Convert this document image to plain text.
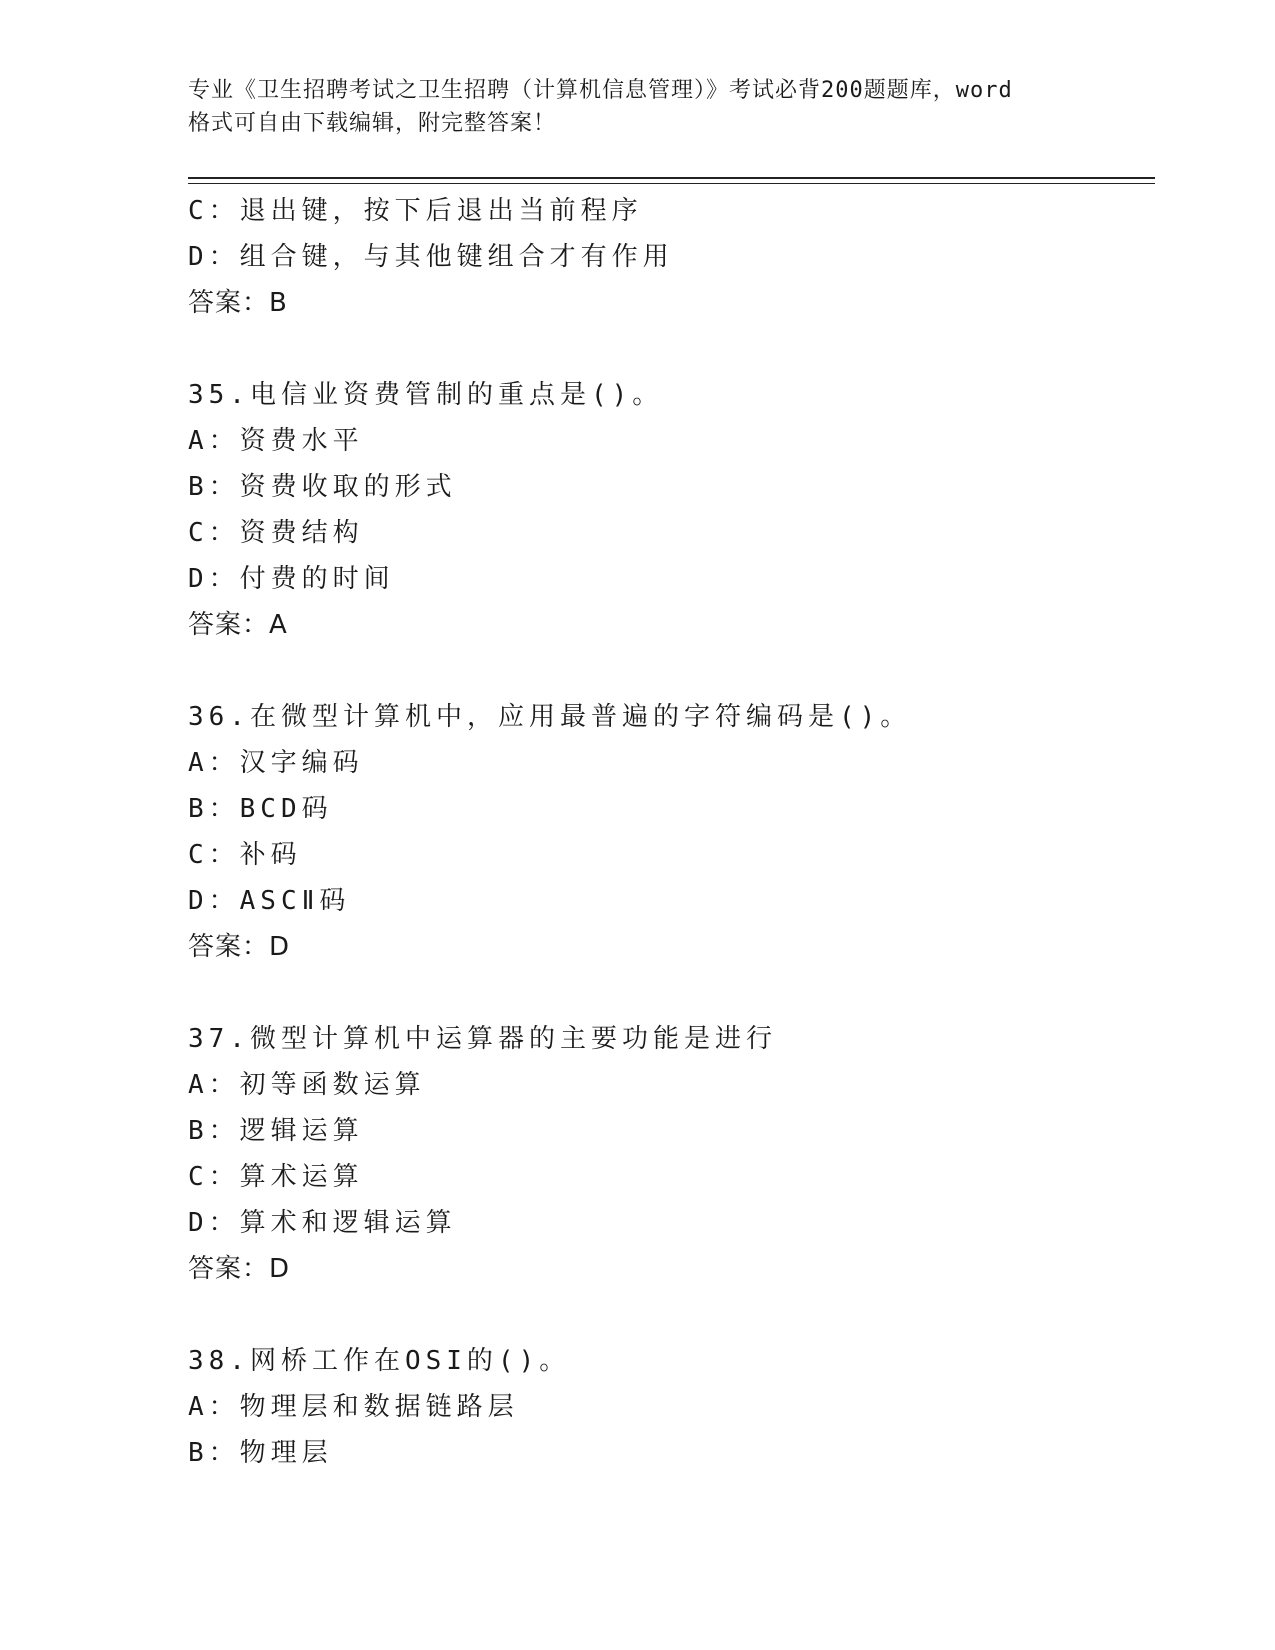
专业《卫生招聘考试之卫生招聘（计算机信息管理）》考试必背200题题库，word
格式可自由下载编辑，附完整答案！
C：退出键，按下后退出当前程序
D：组合键，与其他键组合才有作用
答案：B
35.电信业资费管制的重点是()。
A：资费水平
B：资费收取的形式
C：资费结构
D：付费的时间
答案：A
36.在微型计算机中，应用最普遍的字符编码是()。
A：汉字编码
B：BCD码
C：补码
D：ASCⅡ码
答案：D
37.微型计算机中运算器的主要功能是进行
A：初等函数运算
B：逻辑运算
C：算术运算
D：算术和逻辑运算
答案：D
38.网桥工作在OSI的()。
A：物理层和数据链路层
B：物理层
